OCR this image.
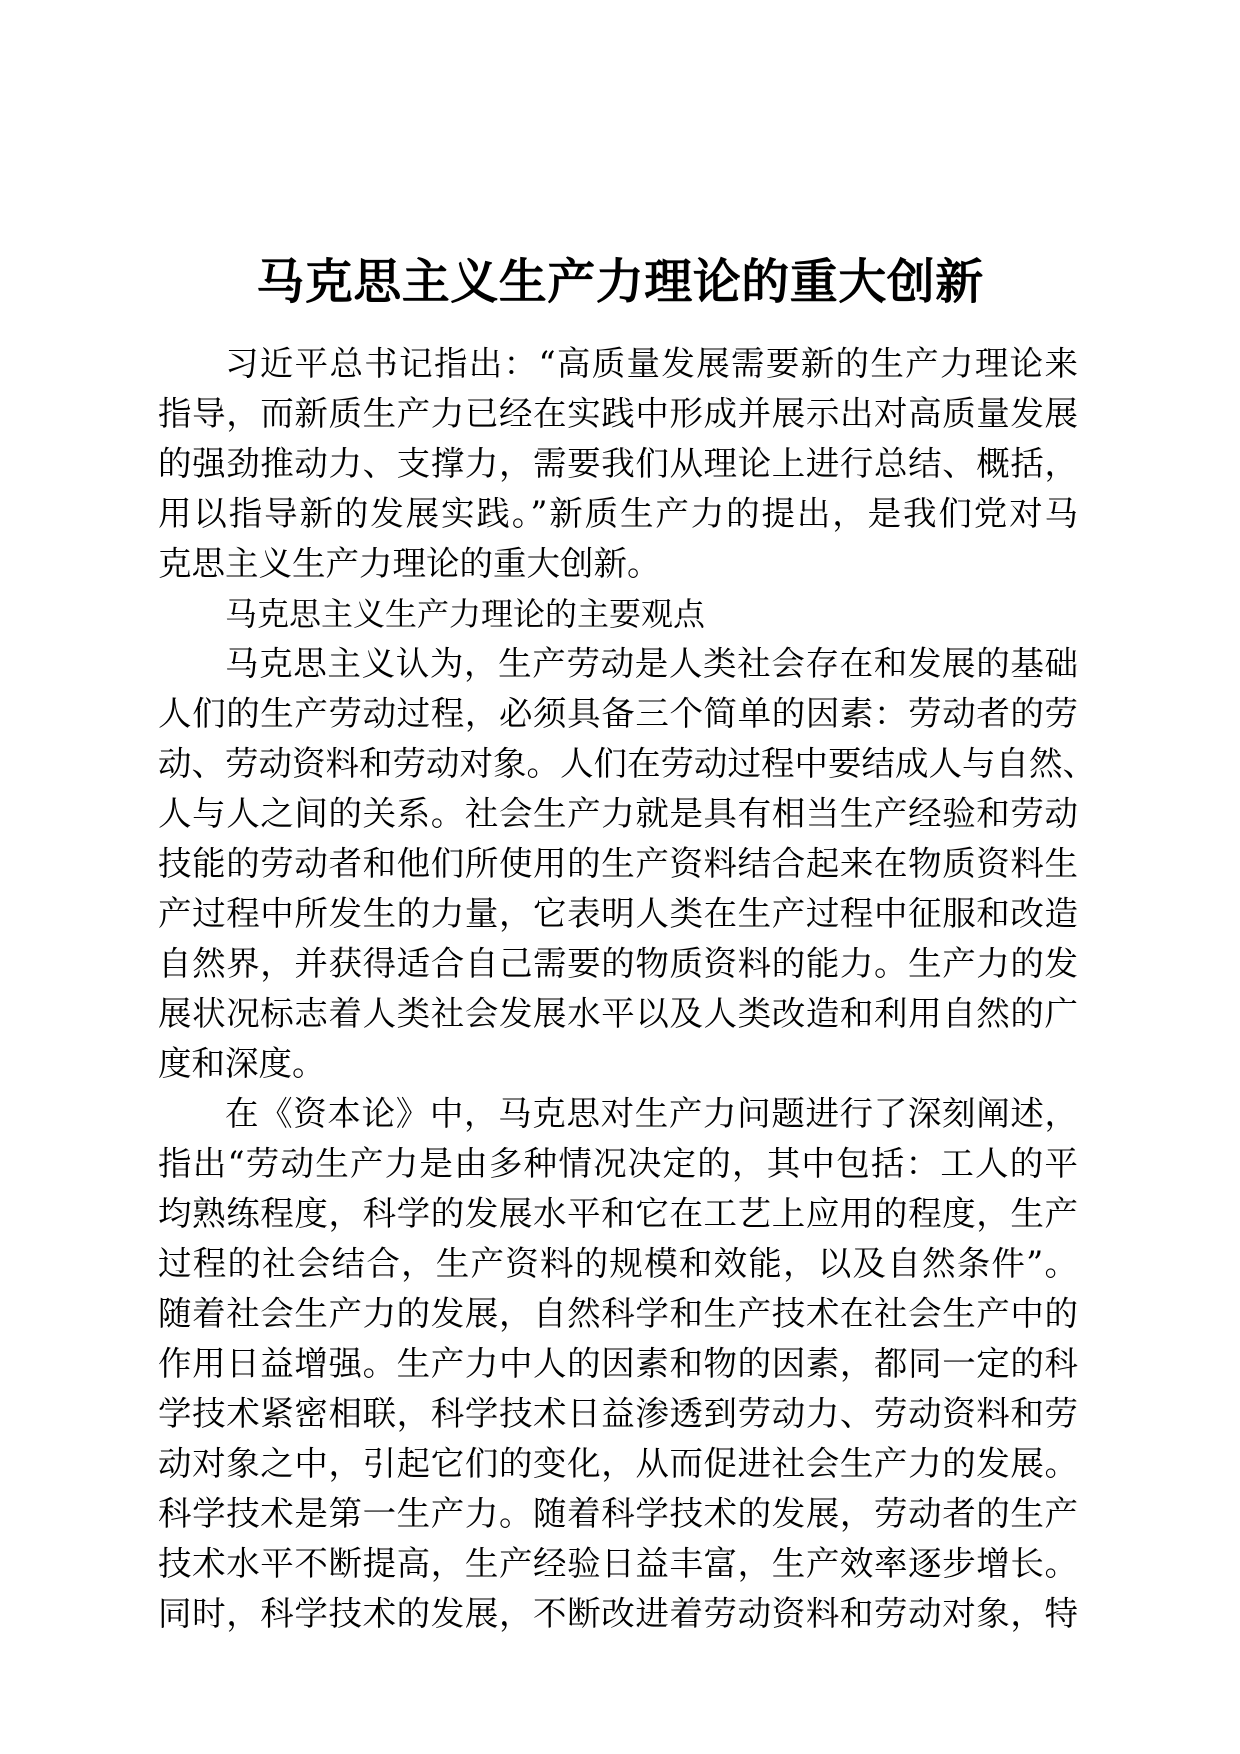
马克思主义生产力理论的重大创新
习近平总书记指出：“高质量发展需要新的生产力理论来
指导，而新质生产力已经在实践中形成并展示出对高质量发展
的强劲推动力、支撑力，需要我们从理论上进行总结、概括，
用以指导新的发展实践。”新质生产力的提出，是我们党对马
克思主义生产力理论的重大创新。
马克思主义生产力理论的主要观点
马克思主义认为，生产劳动是人类社会存在和发展的基础
人们的生产劳动过程，必须具备三个简单的因素：劳动者的劳
动、劳动资料和劳动对象。人们在劳动过程中要结成人与自然、
人与人之间的关系。社会生产力就是具有相当生产经验和劳动
技能的劳动者和他们所使用的生产资料结合起来在物质资料生
产过程中所发生的力量，它表明人类在生产过程中征服和改造
自然界，并获得适合自己需要的物质资料的能力。生产力的发
展状况标志着人类社会发展水平以及人类改造和利用自然的广
度和深度。
在《资本论》中，马克思对生产力问题进行了深刻阐述，
指出“劳动生产力是由多种情况决定的，其中包括：工人的平
均熟练程度，科学的发展水平和它在工艺上应用的程度，生产
过程的社会结合，生产资料的规模和效能，以及自然条件”。
随着社会生产力的发展，自然科学和生产技术在社会生产中的
作用日益增强。生产力中人的因素和物的因素，都同一定的科
学技术紧密相联，科学技术日益渗透到劳动力、劳动资料和劳
动对象之中，引起它们的变化，从而促进社会生产力的发展。
科学技术是第一生产力。随着科学技术的发展，劳动者的生产
技术水平不断提高，生产经验日益丰富，生产效率逐步增长。
同时，科学技术的发展，不断改进着劳动资料和劳动对象，特
